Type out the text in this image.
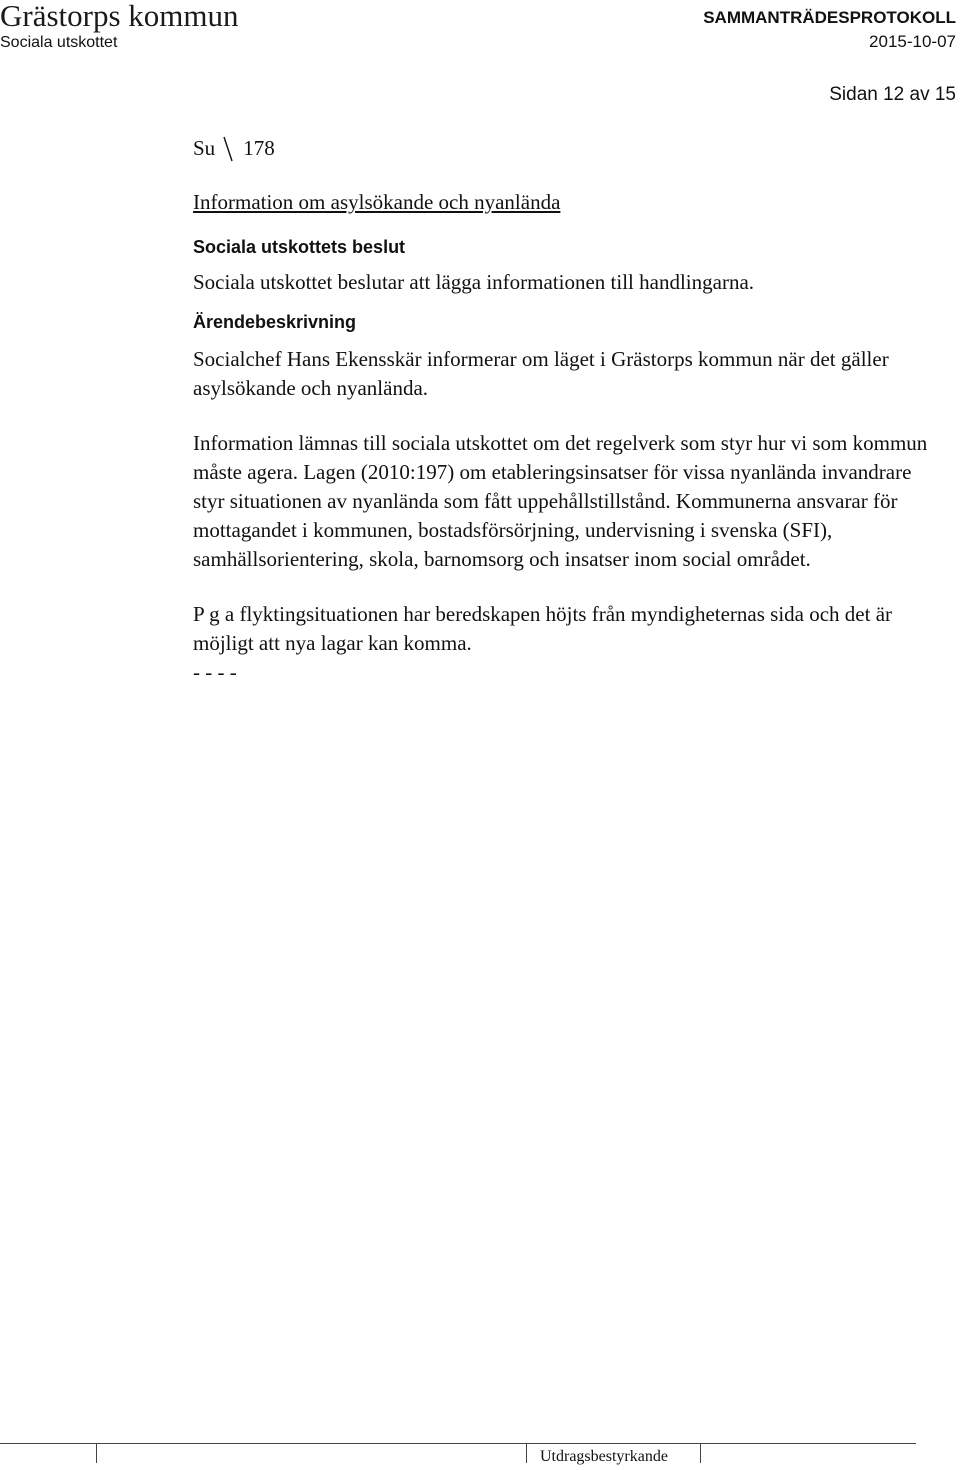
Grästorps kommun
Sociala utskottet
SAMMANTRÄDESPROTOKOLL
2015-10-07
Sidan 12 av 15
Su 178
Information om asylsökande och nyanlända
Sociala utskottets beslut

Sociala utskottet beslutar att lägga informationen till handlingarna.

Ärendebeskrivning

Socialchef Hans Ekensskär informerar om läget i Grästorps kommun när det gäller asylsökande och nyanlända.

Information lämnas till sociala utskottet om det regelverk som styr hur vi som kommun måste agera. Lagen (2010:197) om etableringsinsatser för vissa nyanlända invandrare styr situationen av nyanlända som fått uppehållstillstånd. Kommunerna ansvarar för mottagandet i kommunen, bostadsförsörjning, undervisning i svenska (SFI), samhällsorientering, skola, barnomsorg och insatser inom social området.

P g a flyktingsituationen har beredskapen höjts från myndigheternas sida och det är möjligt att nya lagar kan komma.

- - - -

Utdragsbestyrkande
